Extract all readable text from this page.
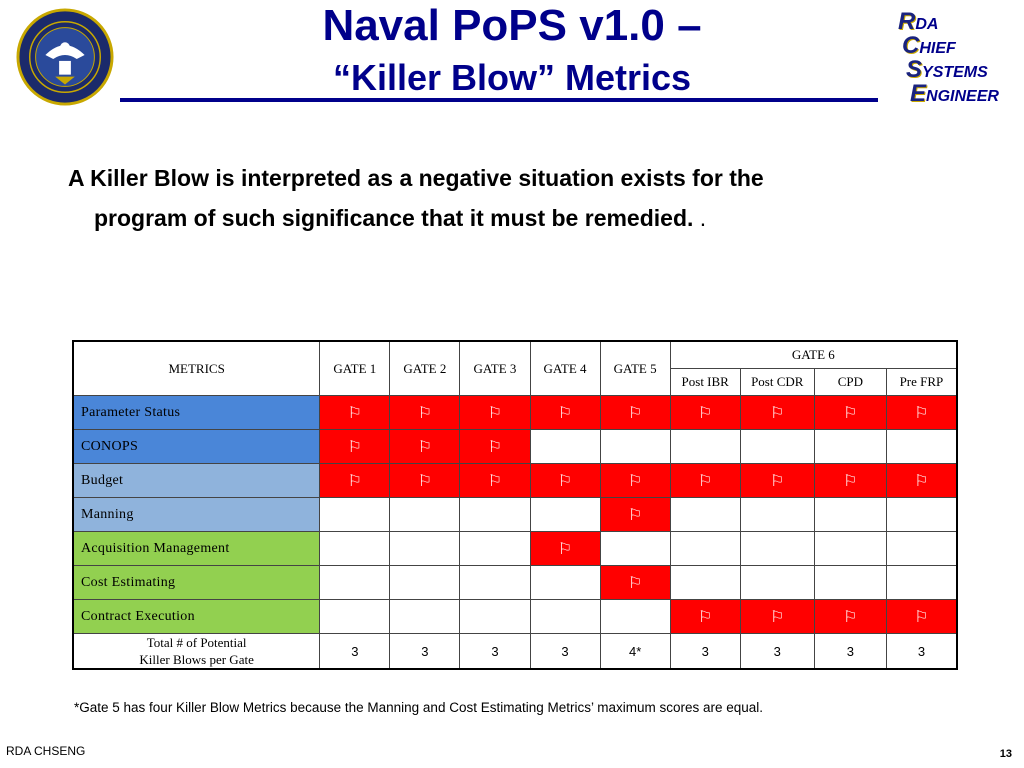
Naval PoPS v1.0 –
“Killer Blow” Metrics
RDA
CHIEF
SYSTEMS
ENGINEER
A Killer Blow is interpreted as a negative situation exists for the
program of such significance that it must be remedied. .
METRICS	GATE 1	GATE 2	GATE 3	GATE 4	GATE 5	GATE 6			
						Post IBR	Post CDR	CPD	Pre FRP
Parameter Status	⚐	⚐	⚐	⚐	⚐	⚐	⚐	⚐	⚐
CONOPS	⚐	⚐	⚐						
Budget	⚐	⚐	⚐	⚐	⚐	⚐	⚐	⚐	⚐
Manning					⚐				
Acquisition Management				⚐					
Cost Estimating					⚐				
Contract Execution						⚐	⚐	⚐	⚐

Total # of Potential
Killer Blows per Gate	3	3	3	3	4*	3	3	3	3
*Gate 5 has four Killer Blow Metrics because the Manning and Cost Estimating Metrics’ maximum scores are equal.
RDA CHSENG	13
